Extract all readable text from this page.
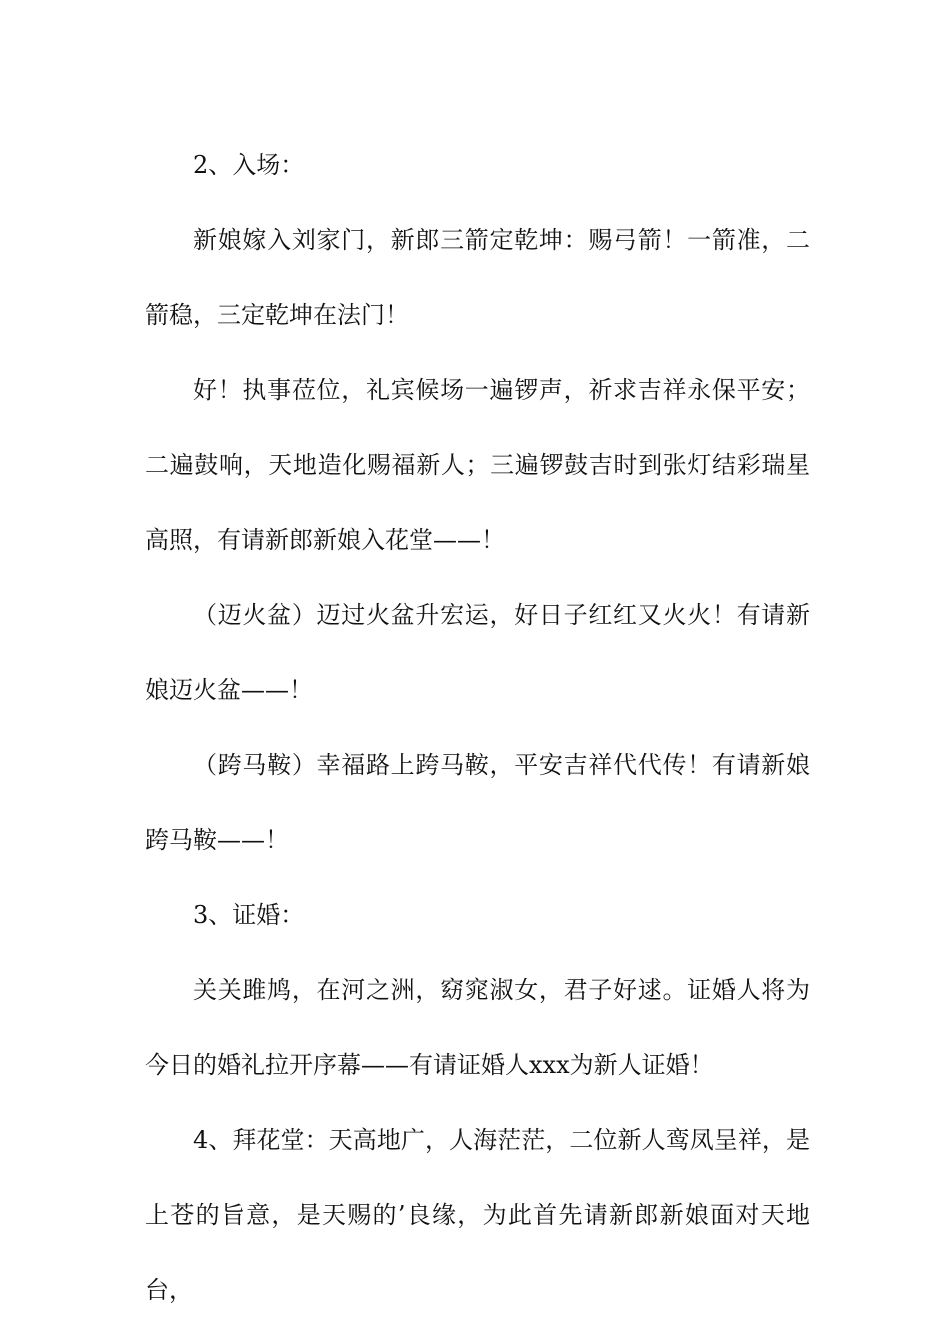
2、入场：

新娘嫁入刘家门，新郎三箭定乾坤：赐弓箭！一箭准，二箭稳，三定乾坤在法门！

好！执事莅位，礼宾候场一遍锣声，祈求吉祥永保平安；二遍鼓响，天地造化赐福新人；三遍锣鼓吉时到张灯结彩瑞星高照，有请新郎新娘入花堂——！

（迈火盆）迈过火盆升宏运，好日子红红又火火！有请新娘迈火盆——！

（跨马鞍）幸福路上跨马鞍，平安吉祥代代传！有请新娘跨马鞍——！

3、证婚：

关关雎鸠，在河之洲，窈窕淑女，君子好逑。证婚人将为今日的婚礼拉开序幕——有请证婚人xxx为新人证婚！

4、拜花堂：天高地广，人海茫茫，二位新人鸾凤呈祥，是上苍的旨意，是天赐的’良缘，为此首先请新郎新娘面对天地台，
